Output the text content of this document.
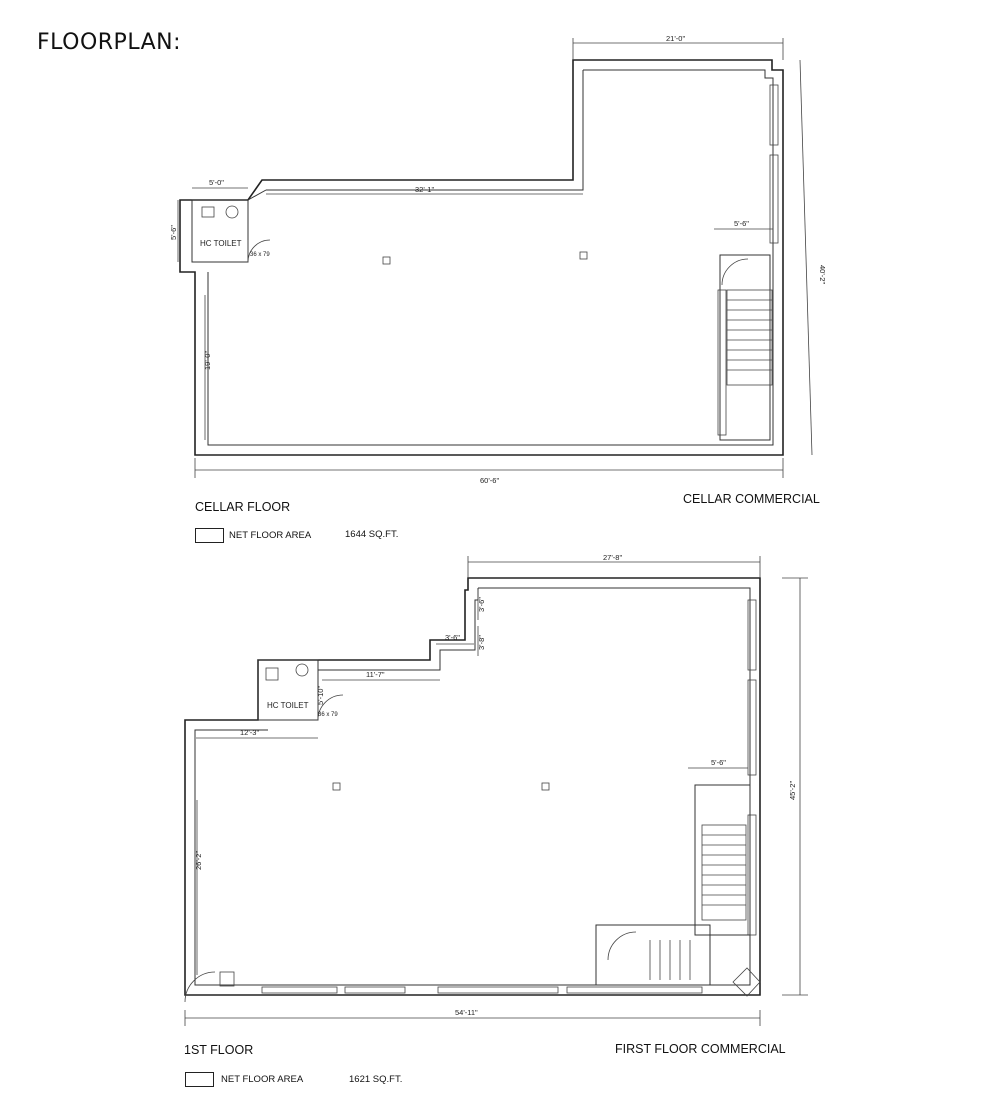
FLOORPLAN:	21'-0"
32'-1"
5'-0"
5'-6"
5'-6"
19'-0"
40'-2"
60'-6"
36 x 79
HC TOILET
27'-8"
3'-6"
3'-6" 3'-8"
11'-7"
12'-3"
5'-10"
5'-6"
26'-2"
45'-2"
54'-11"
36 x 79
HC TOILET
CELLAR FLOOR
CELLAR COMMERCIAL
NET FLOOR AREA	1644 SQ.FT.
1ST FLOOR	FIRST FLOOR COMMERCIAL
NET FLOOR AREA	1621 SQ.FT.
